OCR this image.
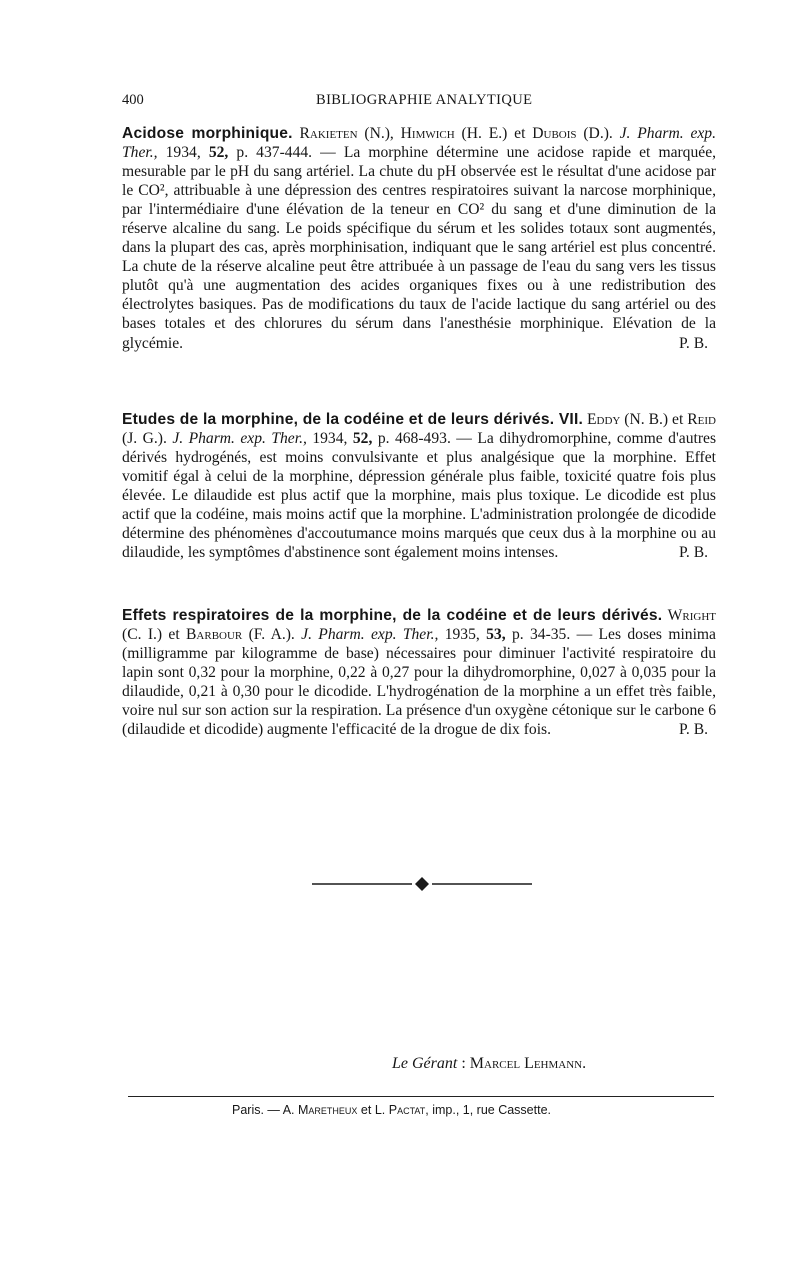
400	BIBLIOGRAPHIE ANALYTIQUE
Acidose morphinique. Rakieten (N.), Himwich (H. E.) et Dubois (D.). J. Pharm. exp. Ther., 1934, 52, p. 437-444. — La morphine détermine une acidose rapide et marquée, mesurable par le pH du sang artériel. La chute du pH observée est le résultat d'une acidose par le CO², attribuable à une dépression des centres respiratoires suivant la narcose morphinique, par l'intermédiaire d'une élévation de la teneur en CO² du sang et d'une diminution de la réserve alcaline du sang. Le poids spécifique du sérum et les solides totaux sont augmentés, dans la plupart des cas, après morphinisation, indiquant que le sang artériel est plus concentré. La chute de la réserve alcaline peut être attribuée à un passage de l'eau du sang vers les tissus plutôt qu'à une augmentation des acides organiques fixes ou à une redistribution des électrolytes basiques. Pas de modifications du taux de l'acide lactique du sang artériel ou des bases totales et des chlorures du sérum dans l'anesthésie morphinique. Elévation de la glycémie.	P. B.
Etudes de la morphine, de la codéine et de leurs dérivés. VII. Eddy (N. B.) et Reid (J. G.). J. Pharm. exp. Ther., 1934, 52, p. 468-493. — La dihydromorphine, comme d'autres dérivés hydrogénés, est moins convulsivante et plus analgésique que la morphine. Effet vomitif égal à celui de la morphine, dépression générale plus faible, toxicité quatre fois plus élevée. Le dilaudide est plus actif que la morphine, mais plus toxique. Le dicodide est plus actif que la codéine, mais moins actif que la morphine. L'administration prolongée de dicodide détermine des phénomènes d'accoutumance moins marqués que ceux dus à la morphine ou au dilaudide, les symptômes d'abstinence sont également moins intenses.	P. B.
Effets respiratoires de la morphine, de la codéine et de leurs dérivés. Wright (C. I.) et Barbour (F. A.). J. Pharm. exp. Ther., 1935, 53, p. 34-35. — Les doses minima (milligramme par kilogramme de base) nécessaires pour diminuer l'activité respiratoire du lapin sont 0,32 pour la morphine, 0,22 à 0,27 pour la dihydromorphine, 0,027 à 0,035 pour la dilaudide, 0,21 à 0,30 pour le dicodide. L'hydrogénation de la morphine a un effet très faible, voire nul sur son action sur la respiration. La présence d'un oxygène cétonique sur le carbone 6 (dilaudide et dicodide) augmente l'efficacité de la drogue de dix fois.	P. B.
Le Gérant : Marcel Lehmann.
Paris. — A. Maretheux et L. Pactat, imp., 1, rue Cassette.
